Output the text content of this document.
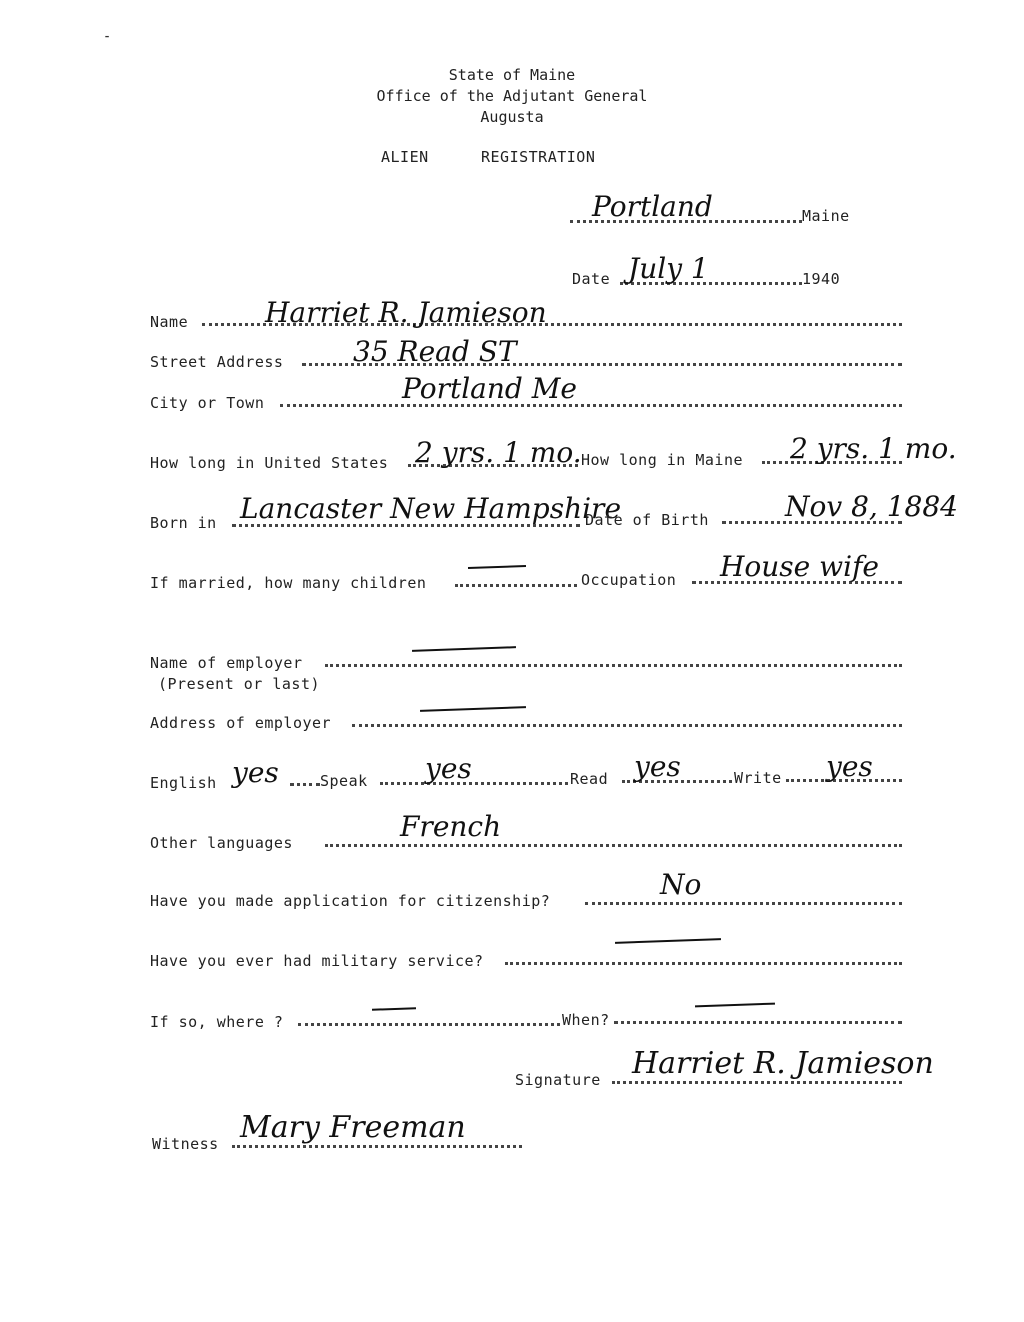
⁃
State of Maine
Office of the Adjutant General
Augusta
ALIEN	REGISTRATION
Portland	Maine
Date July 1	1940
Name	Harriet R. Jamieson
Street Address 35 Read ST
City or Town	Portland Me
How long in United States 2 yrs. 1 mo. How long in Maine 2 yrs. 1 mo.
Born in Lancaster New Hampshire
Date of Birth	Nov 8, 1884
If married, how many children	Occupation House wife
Name of employer
(Present or last)
Address of employer
English yes	Speak yes	Read yes	Write yes
Other languages	French
Have you made application for citizenship?	No
Have you ever had military service?
If so, where ?	When?
Signature Harriet R. Jamieson
Witness Mary Freeman
